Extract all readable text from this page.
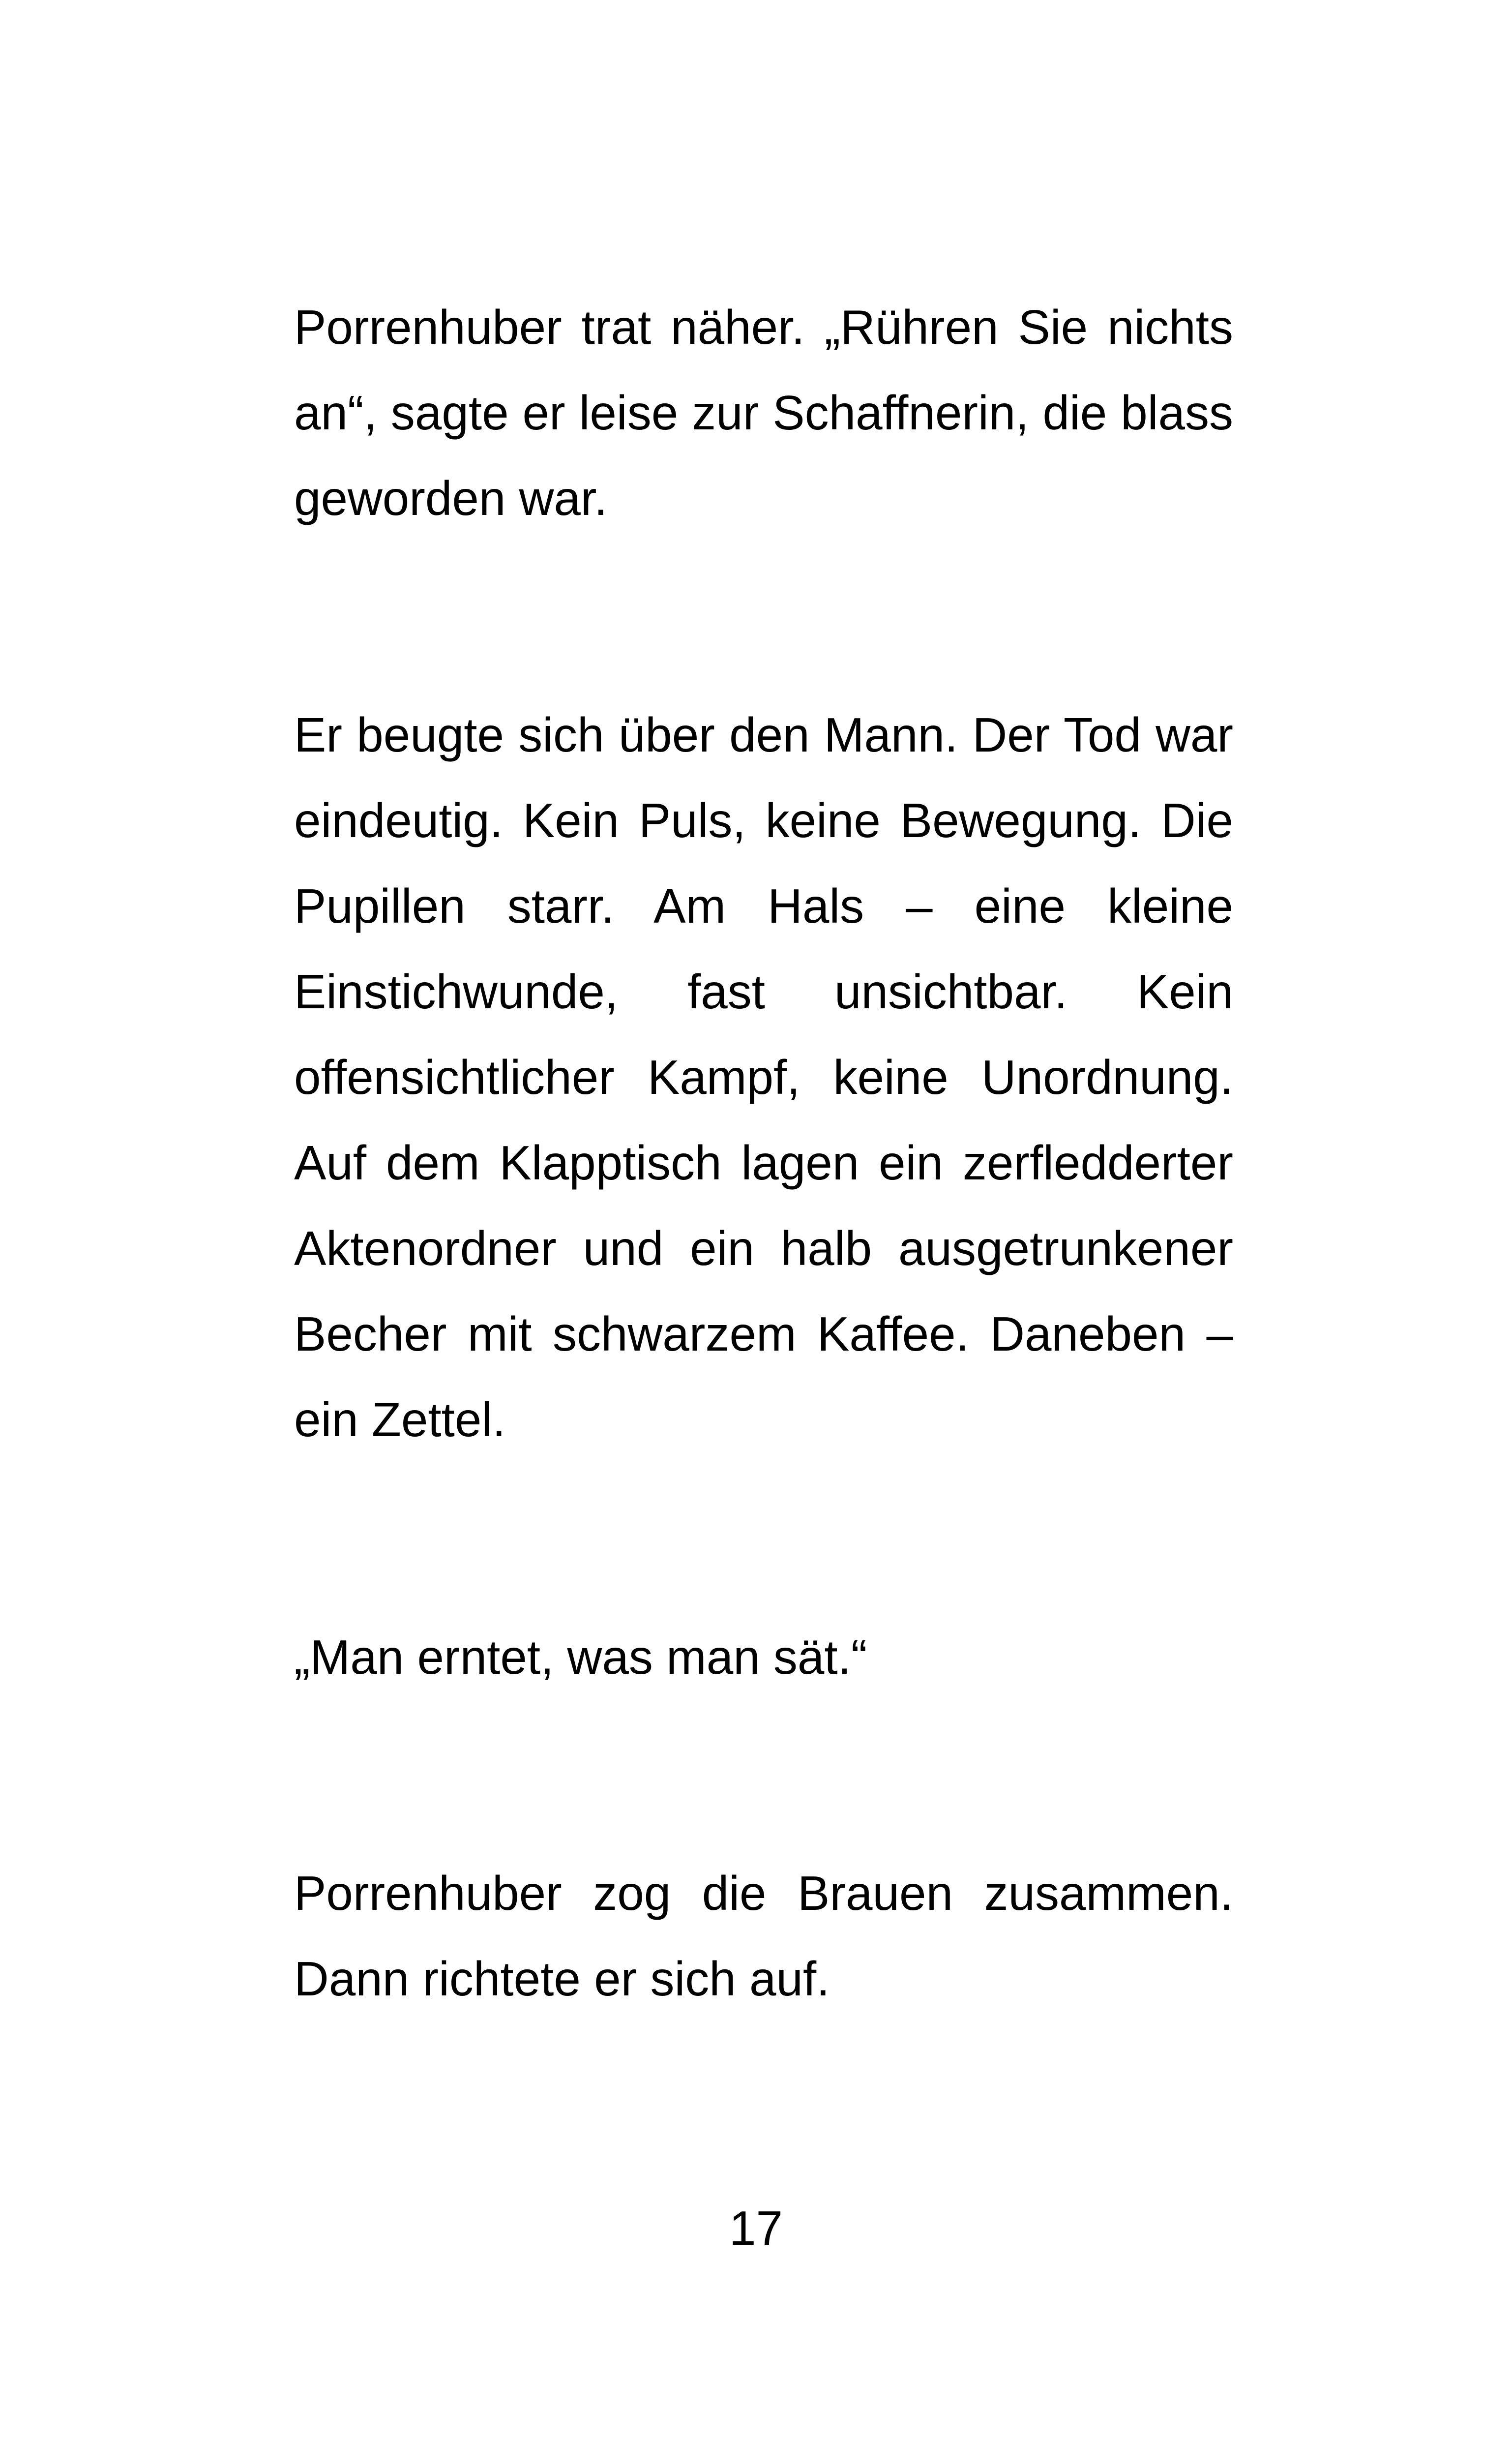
Porrenhuber trat näher. „Rühren Sie nichts an“, sagte er leise zur Schaffnerin, die blass geworden war.

Er beugte sich über den Mann. Der Tod war eindeutig. Kein Puls, keine Bewegung. Die Pupillen starr. Am Hals – eine kleine Einstichwunde, fast unsichtbar. Kein offensichtlicher Kampf, keine Unordnung. Auf dem Klapptisch lagen ein zerfledderter Aktenordner und ein halb ausgetrunkener Becher mit schwarzem Kaffee. Daneben – ein Zettel.

„Man erntet, was man sät.“

Porrenhuber zog die Brauen zusammen. Dann richtete er sich auf.

17
